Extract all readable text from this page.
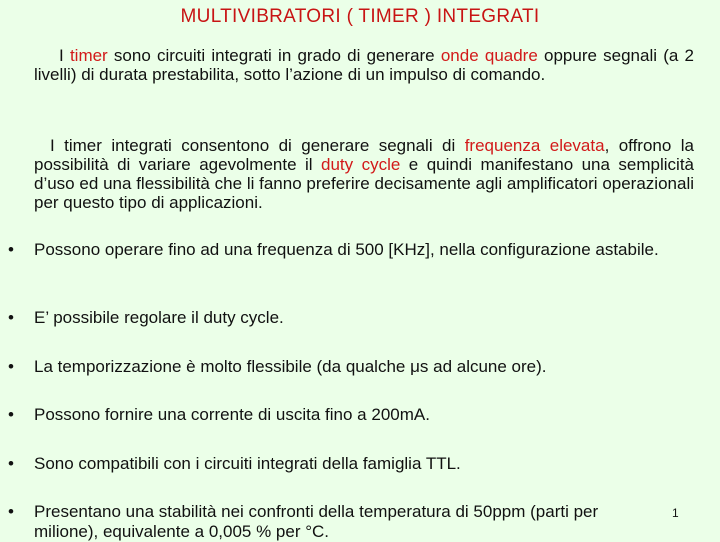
MULTIVIBRATORI ( TIMER ) INTEGRATI
I timer sono circuiti integrati in grado di generare onde quadre oppure segnali (a 2 livelli) di durata prestabilita, sotto l’azione di un impulso di comando.
I timer integrati consentono di generare segnali di frequenza elevata, offrono la possibilità di variare agevolmente il duty cycle e quindi manifestano una semplicità d’uso ed una flessibilità che li fanno preferire decisamente agli amplificatori operazionali per questo tipo di applicazioni.
• Possono operare fino ad una frequenza di 500 [KHz], nella configurazione astabile.
• E’ possibile regolare il duty cycle.
• La temporizzazione è molto flessibile (da qualche μs ad alcune ore).
• Possono fornire una corrente di uscita fino a 200mA.
• Sono compatibili con i circuiti integrati della famiglia TTL.
• Presentano una stabilità nei confronti della temperatura di 50ppm (parti per milione), equivalente a 0,005 % per °C.
1
